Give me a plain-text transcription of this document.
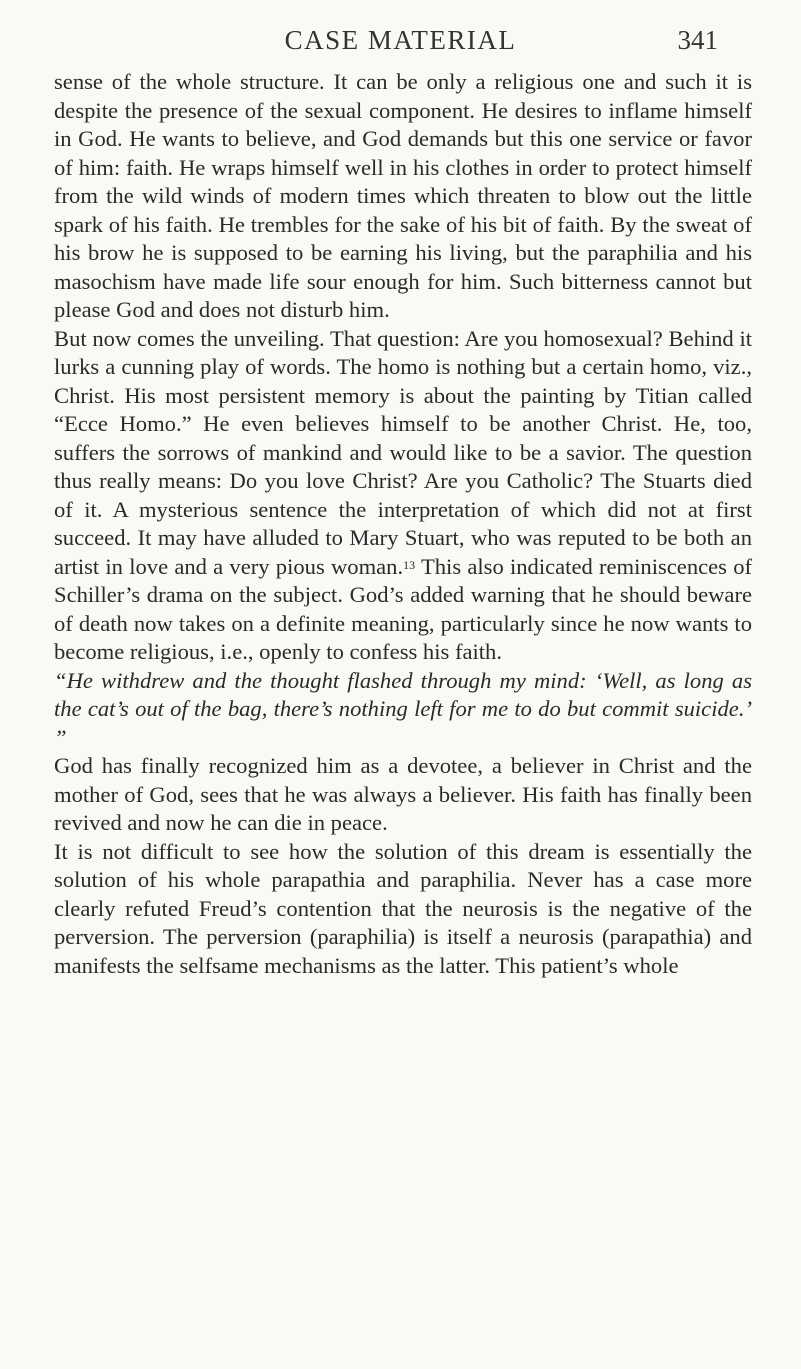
CASE MATERIAL	341

sense of the whole structure. It can be only a religious one and such it is despite the presence of the sexual component. He desires to inflame himself in God. He wants to believe, and God demands but this one service or favor of him: faith. He wraps himself well in his clothes in order to protect himself from the wild winds of modern times which threaten to blow out the little spark of his faith. He trembles for the sake of his bit of faith. By the sweat of his brow he is supposed to be earning his living, but the paraphilia and his masochism have made life sour enough for him. Such bitterness cannot but please God and does not disturb him.

But now comes the unveiling. That question: Are you homosexual? Behind it lurks a cunning play of words. The homo is nothing but a certain homo, viz., Christ. His most persistent memory is about the painting by Titian called “Ecce Homo.” He even believes himself to be another Christ. He, too, suffers the sorrows of mankind and would like to be a savior. The question thus really means: Do you love Christ? Are you Catholic? The Stuarts died of it. A mysterious sentence the interpretation of which did not at first succeed. It may have alluded to Mary Stuart, who was reputed to be both an artist in love and a very pious woman.$^{13}$ This also indicated reminiscences of Schiller’s drama on the subject. God’s added warning that he should beware of death now takes on a definite meaning, particularly since he now wants to become religious, i.e., openly to confess his faith.

“He withdrew and the thought flashed through my mind: ‘Well, as long as the cat’s out of the bag, there’s nothing left for me to do but commit suicide.’ ”

God has finally recognized him as a devotee, a believer in Christ and the mother of God, sees that he was always a believer. His faith has finally been revived and now he can die in peace.

It is not difficult to see how the solution of this dream is essentially the solution of his whole parapathia and paraphilia. Never has a case more clearly refuted Freud’s contention that the neurosis is the negative of the perversion. The perversion (paraphilia) is itself a neurosis (parapathia) and manifests the selfsame mechanisms as the latter. This patient’s whole
